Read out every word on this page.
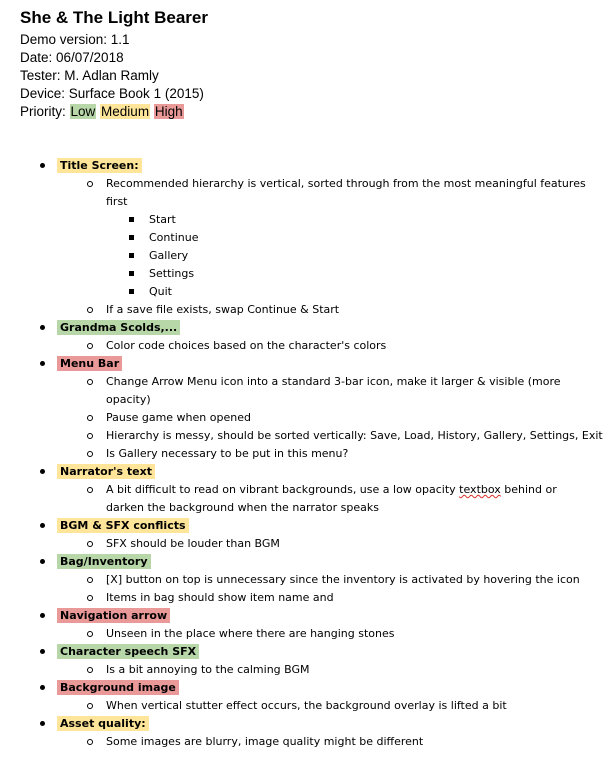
She & The Light Bearer
Demo version: 1.1
Date: 06/07/2018
Tester: M. Adlan Ramly
Device: Surface Book 1 (2015)
Priority: Low Medium High
Title Screen:
Recommended hierarchy is vertical, sorted through from the most meaningful features
first
Start
Continue
Gallery
Settings
Quit
If a save file exists, swap Continue & Start
Grandma Scolds,...
Color code choices based on the character's colors
Menu Bar
Change Arrow Menu icon into a standard 3-bar icon, make it larger & visible (more
opacity)
Pause game when opened
Hierarchy is messy, should be sorted vertically: Save, Load, History, Gallery, Settings, Exit
Is Gallery necessary to be put in this menu?
Narrator's text
A bit difficult to read on vibrant backgrounds, use a low opacity textbox behind or
darken the background when the narrator speaks
BGM & SFX conflicts
SFX should be louder than BGM
Bag/Inventory
[X] button on top is unnecessary since the inventory is activated by hovering the icon
Items in bag should show item name and
Navigation arrow
Unseen in the place where there are hanging stones
Character speech SFX
Is a bit annoying to the calming BGM
Background image
When vertical stutter effect occurs, the background overlay is lifted a bit
Asset quality:
Some images are blurry, image quality might be different
